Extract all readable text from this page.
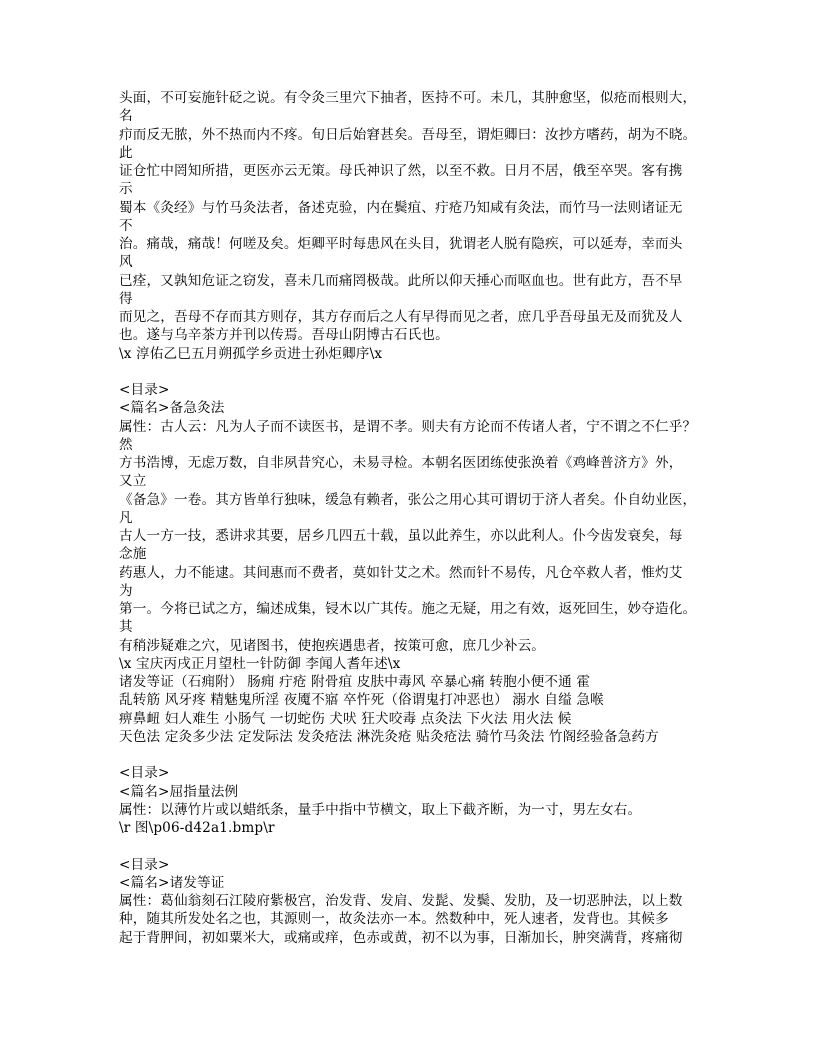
头面，不可妄施针砭之说。有令灸三里穴下抽者，医持不可。未几，其肿愈坚，似疮而根则大，
名
疖而反无脓，外不热而内不疼。旬日后始窘甚矣。吾母至，谓炬卿曰：汝抄方嗜药，胡为不晓。
此
证仓忙中罔知所措，更医亦云无策。母氏神识了然，以至不救。日月不居，俄至卒哭。客有携
示
蜀本《灸经》与竹马灸法者，备述克验，内在鬓疽、疔疮乃知咸有灸法，而竹马一法则诸证无
不
治。痛哉，痛哉！何嗟及矣。炬卿平时每患风在头目，犹谓老人脱有隐疾，可以延寿，幸而头
风
已痊，又孰知危证之窃发，喜未几而痛罔极哉。此所以仰天捶心而呕血也。世有此方，吾不早
得
而见之，吾母不存而其方则存，其方存而后之人有早得而见之者，庶几乎吾母虽无及而犹及人
也。遂与乌辛茶方并刊以传焉。吾母山阴博古石氏也。
\x 淳佑乙巳五月朔孤学乡贡进士孙炬卿序\x
<目录>
<篇名>备急灸法
属性：古人云：凡为人子而不读医书，是谓不孝。则夫有方论而不传诸人者，宁不谓之不仁乎？
然
方书浩博，无虑万数，自非夙昔究心，未易寻检。本朝名医团练使张涣着《鸡峰普济方》外，
又立
《备急》一卷。其方皆单行独味，缓急有赖者，张公之用心其可谓切于济人者矣。仆自幼业医，
凡
古人一方一技，悉讲求其要，居乡几四五十载，虽以此养生，亦以此利人。仆今齿发衰矣，每
念施
药惠人，力不能逮。其间惠而不费者，莫如针艾之术。然而针不易传，凡仓卒救人者，惟灼艾
为
第一。今将已试之方，编述成集，锓木以广其传。施之无疑，用之有效，返死回生，妙夺造化。
其
有稍涉疑难之穴，见诸图书，使抱疾遇患者，按策可愈，庶几少补云。
\x 宝庆丙戌正月望杜一针防御 李闻人耆年述\x
诸发等证（石痈附） 肠痈 疔疮 附骨疽 皮肤中毒风 卒暴心痛 转胞小便不通 霍
乱转筋 风牙疼 精魅鬼所淫 夜魇不寤 卒忤死（俗谓鬼打冲恶也） 溺水 自缢 急喉
痹鼻衄 妇人难生 小肠气 一切蛇伤 犬吠 狂犬咬毒 点灸法 下火法 用火法 候
天色法 定灸多少法 定发际法 发灸疮法 淋洗灸疮 贴灸疮法 骑竹马灸法 竹阁经验备急药方
<目录>
<篇名>屈指量法例
属性：以薄竹片或以蜡纸条，量手中指中节横文，取上下截齐断，为一寸，男左女右。
\r 图\p06-d42a1.bmp\r
<目录>
<篇名>诸发等证
属性：葛仙翁刻石江陵府紫极宫，治发背、发肩、发髭、发鬓、发肋，及一切恶肿法，以上数
种，随其所发处名之也，其源则一，故灸法亦一本。然数种中，死人速者，发背也。其候多
起于背胛间，初如粟米大，或痛或痒，色赤或黄，初不以为事，日渐加长，肿突满背，疼痛彻
